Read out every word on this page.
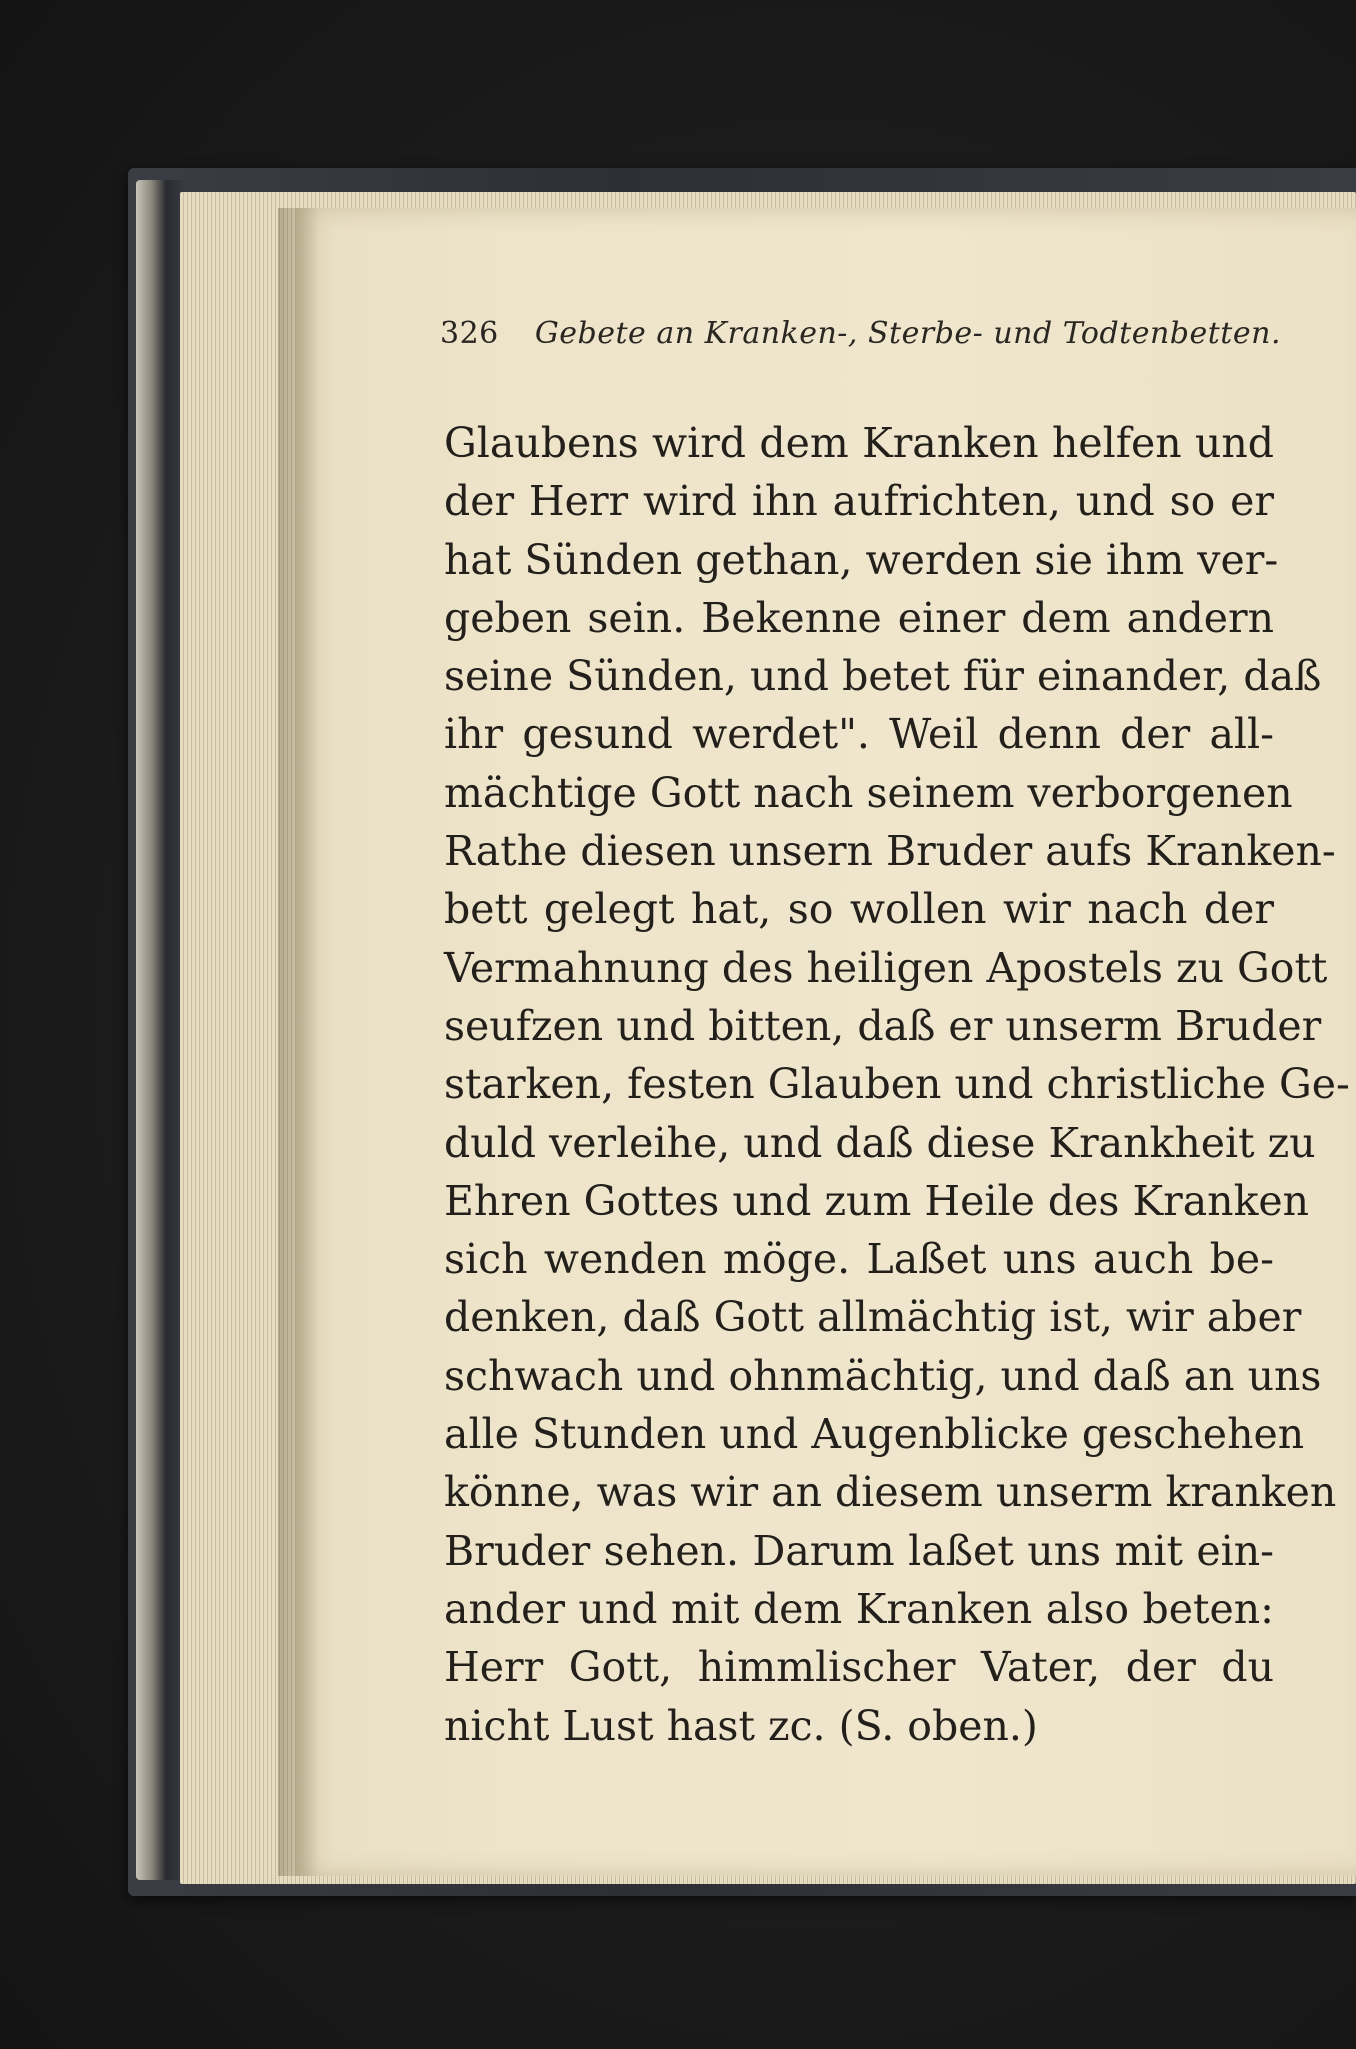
326 Gebete an Kranken-, Sterbe- und Todtenbetten.
Glaubens wird dem Kranken helfen und
der Herr wird ihn aufrichten, und so er
hat Sünden gethan, werden sie ihm ver-
geben sein. Bekenne einer dem andern
seine Sünden, und betet für einander, daß
ihr gesund werdet". Weil denn der all-
mächtige Gott nach seinem verborgenen
Rathe diesen unsern Bruder aufs Kranken-
bett gelegt hat, so wollen wir nach der
Vermahnung des heiligen Apostels zu Gott
seufzen und bitten, daß er unserm Bruder
starken, festen Glauben und christliche Ge-
duld verleihe, und daß diese Krankheit zu
Ehren Gottes und zum Heile des Kranken
sich wenden möge. Laßet uns auch be-
denken, daß Gott allmächtig ist, wir aber
schwach und ohnmächtig, und daß an uns
alle Stunden und Augenblicke geschehen
könne, was wir an diesem unserm kranken
Bruder sehen. Darum laßet uns mit ein-
ander und mit dem Kranken also beten:
Herr Gott, himmlischer Vater, der du
nicht Lust hast zc. (S. oben.)
